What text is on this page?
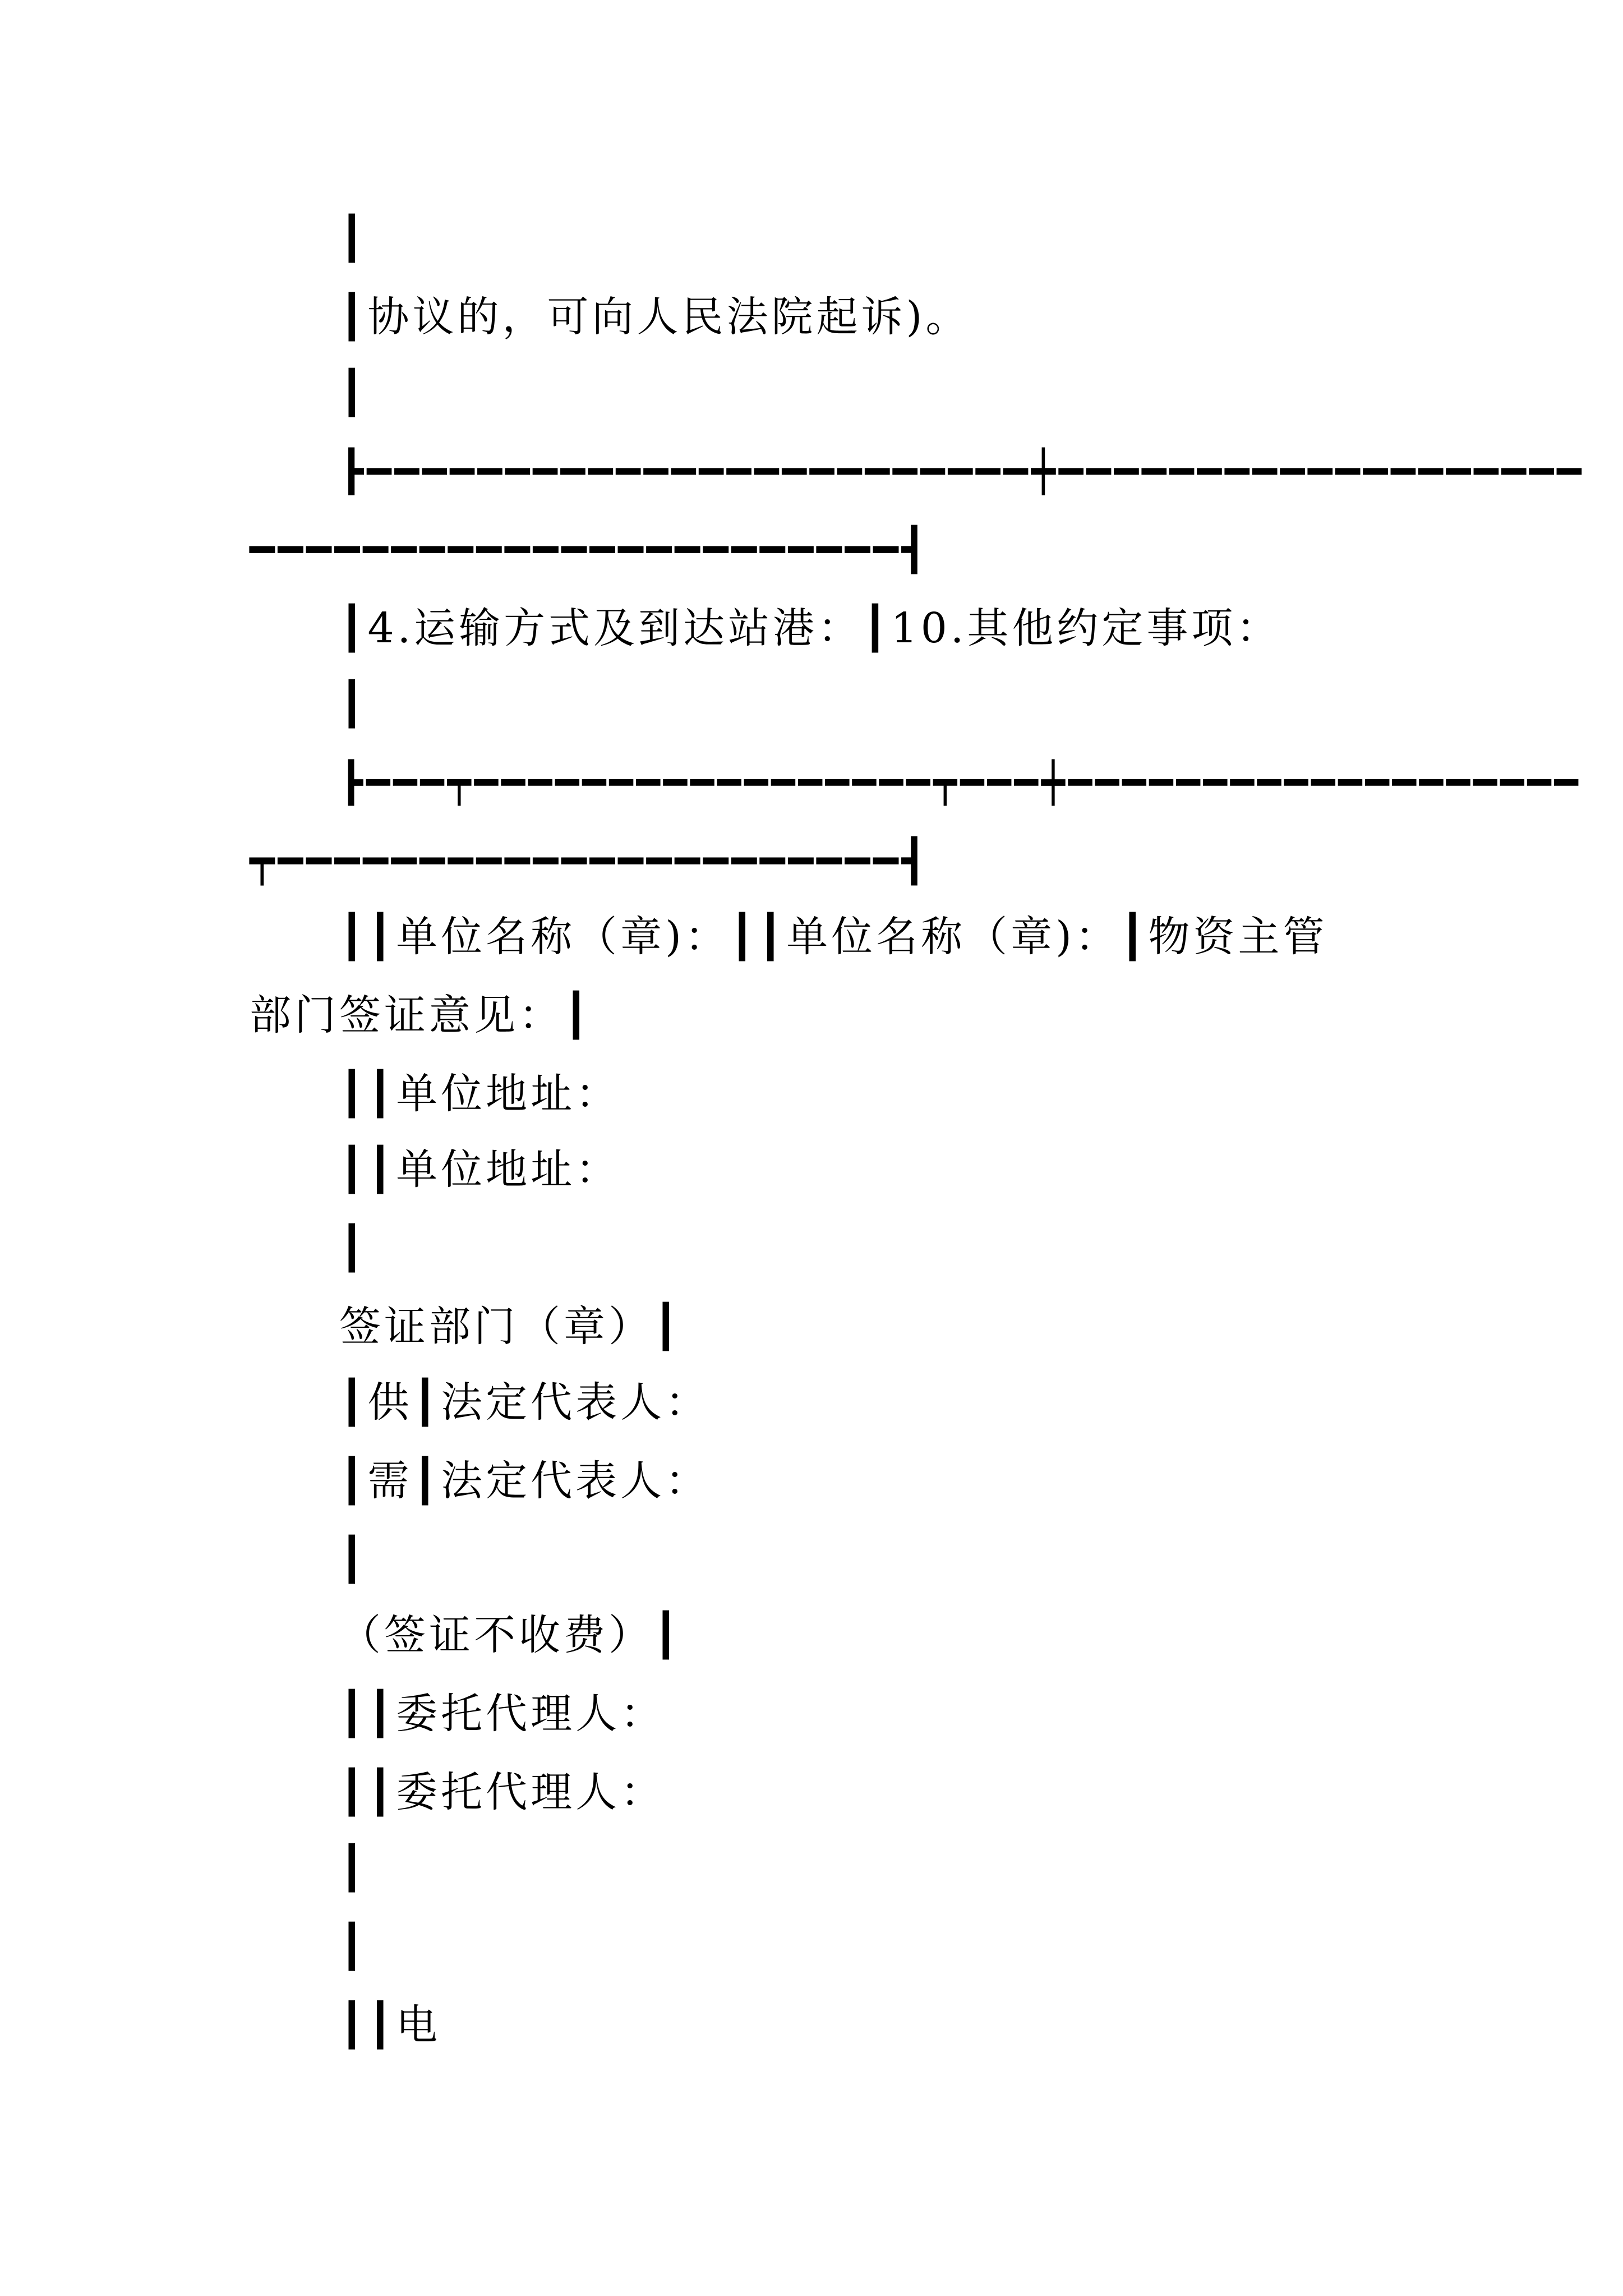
┃
┃协议的，可向人民法院起诉)。
┃
┣━━━━━━━━━━━━━━━━━━━━━━━━┿━━━━━━━━━━━━━━━━━━━
━━━━━━━━━━━━━━━━━━━━━━━┫
┃4.运输方式及到达站港：┃10.其他约定事项：
┃
┣━━━┯━━━━━━━━━━━━━━━━━┯━━━┿━━━━━━━━━━━━━━━━━━━
┯━━━━━━━━━━━━━━━━━━━━━━┫
┃┃单位名称（章)：┃┃单位名称（章)：┃物资主管
部门签证意见：┃
┃┃单位地址：
┃┃单位地址：
┃
签证部门（章）┃
┃供┃法定代表人：
┃需┃法定代表人：
┃
（签证不收费）┃
┃┃委托代理人：
┃┃委托代理人：
┃
┃
┃┃电
